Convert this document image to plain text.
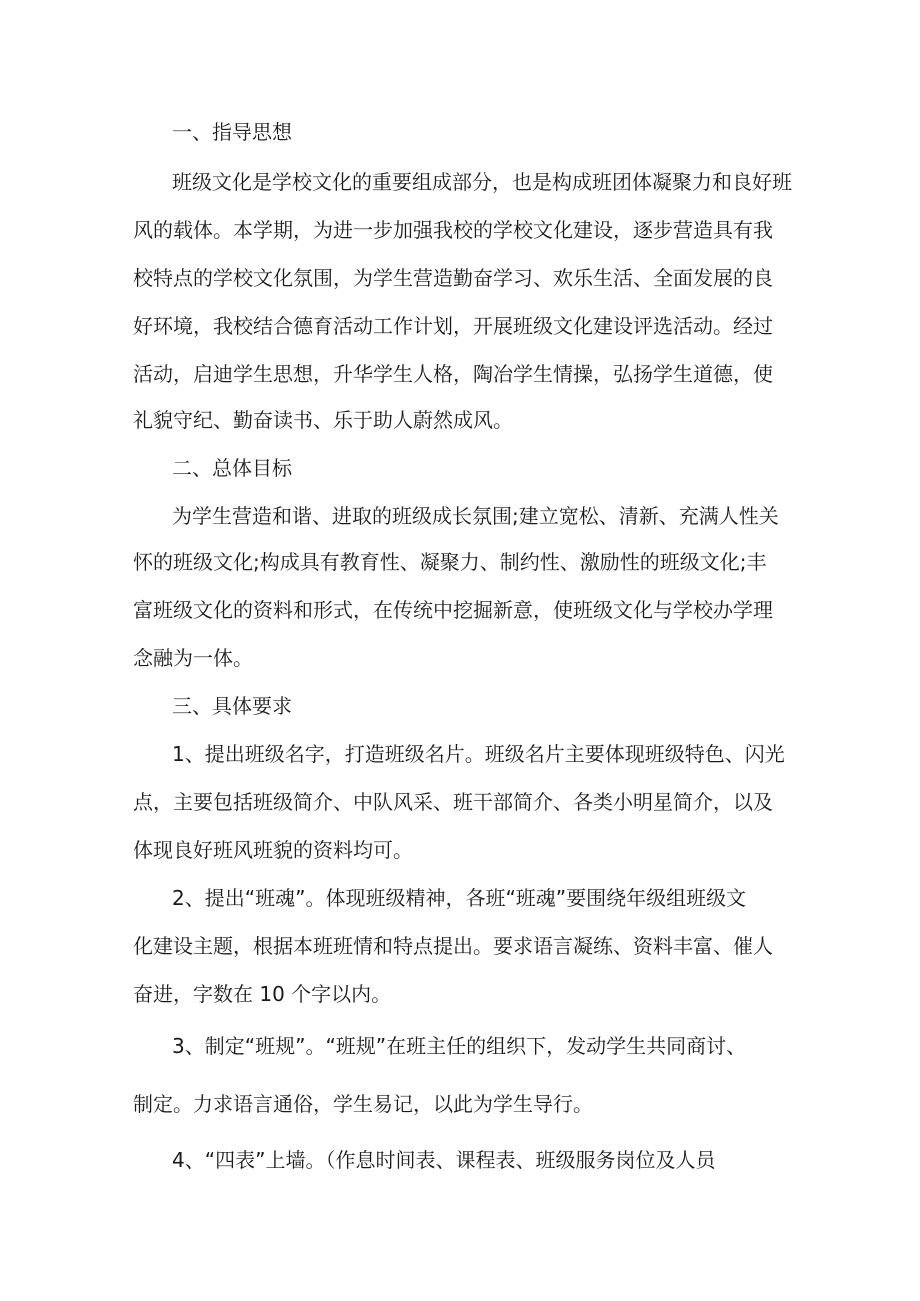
一、指导思想

班级文化是学校文化的重要组成部分，也是构成班团体凝聚力和良好班

风的载体。本学期，为进一步加强我校的学校文化建设，逐步营造具有我

校特点的学校文化氛围，为学生营造勤奋学习、欢乐生活、全面发展的良

好环境，我校结合德育活动工作计划，开展班级文化建设评选活动。经过

活动，启迪学生思想，升华学生人格，陶冶学生情操，弘扬学生道德，使

礼貌守纪、勤奋读书、乐于助人蔚然成风。

二、总体目标

为学生营造和谐、进取的班级成长氛围;建立宽松、清新、充满人性关

怀的班级文化;构成具有教育性、凝聚力、制约性、激励性的班级文化;丰

富班级文化的资料和形式，在传统中挖掘新意，使班级文化与学校办学理

念融为一体。

三、具体要求

1、提出班级名字，打造班级名片。班级名片主要体现班级特色、闪光

点，主要包括班级简介、中队风采、班干部简介、各类小明星简介，以及

体现良好班风班貌的资料均可。

2、提出“班魂”。体现班级精神，各班“班魂”要围绕年级组班级文

化建设主题，根据本班班情和特点提出。要求语言凝练、资料丰富、催人

奋进，字数在 10 个字以内。

3、制定“班规”。“班规”在班主任的组织下，发动学生共同商讨、

制定。力求语言通俗，学生易记，以此为学生导行。

4、“四表”上墙。（作息时间表、课程表、班级服务岗位及人员
